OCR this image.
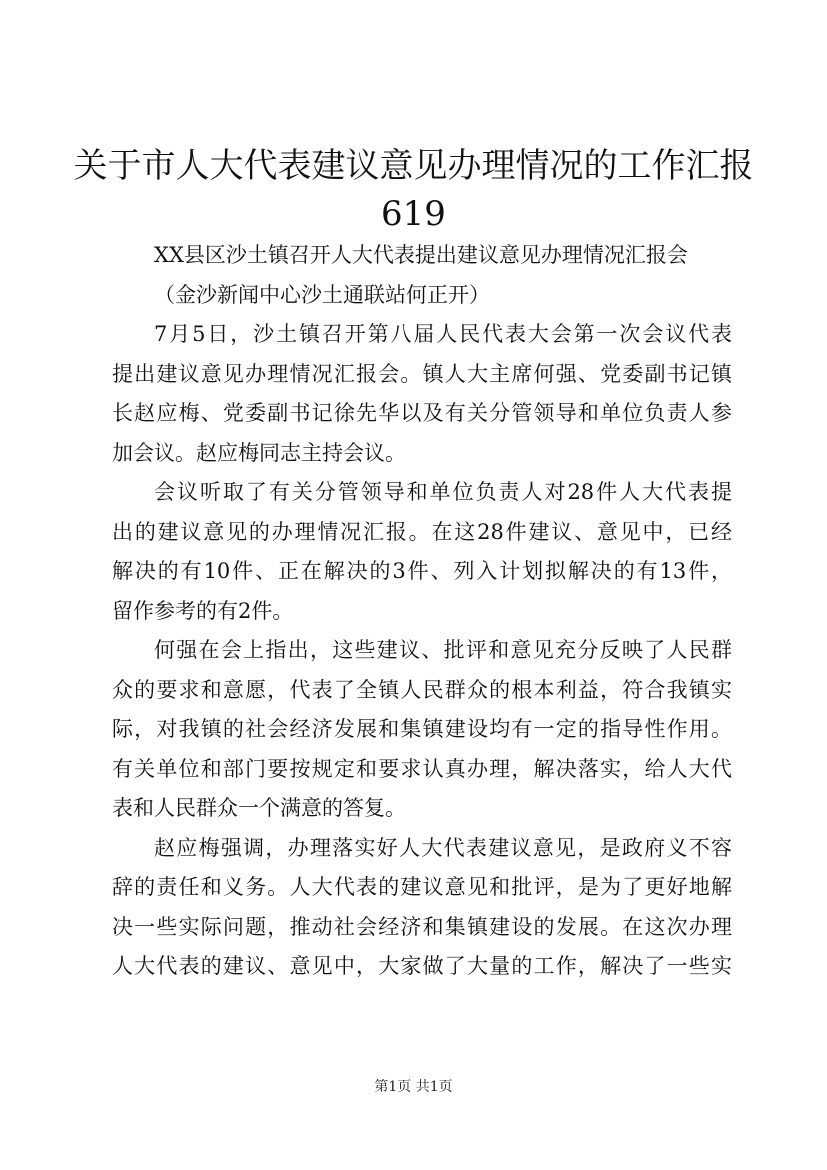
关于市人大代表建议意见办理情况的工作汇报
619

XX县区沙土镇召开人大代表提出建议意见办理情况汇报会

（金沙新闻中心沙土通联站何正开）

7月5日，沙土镇召开第八届人民代表大会第一次会议代表

提出建议意见办理情况汇报会。镇人大主席何强、党委副书记镇

长赵应梅、党委副书记徐先华以及有关分管领导和单位负责人参

加会议。赵应梅同志主持会议。

会议听取了有关分管领导和单位负责人对28件人大代表提

出的建议意见的办理情况汇报。在这28件建议、意见中，已经

解决的有10件、正在解决的3件、列入计划拟解决的有13件，

留作参考的有2件。

何强在会上指出，这些建议、批评和意见充分反映了人民群

众的要求和意愿，代表了全镇人民群众的根本利益，符合我镇实

际，对我镇的社会经济发展和集镇建设均有一定的指导性作用。

有关单位和部门要按规定和要求认真办理，解决落实，给人大代

表和人民群众一个满意的答复。

赵应梅强调，办理落实好人大代表建议意见，是政府义不容

辞的责任和义务。人大代表的建议意见和批评，是为了更好地解

决一些实际问题，推动社会经济和集镇建设的发展。在这次办理

人大代表的建议、意见中，大家做了大量的工作，解决了一些实

第1页 共1页
